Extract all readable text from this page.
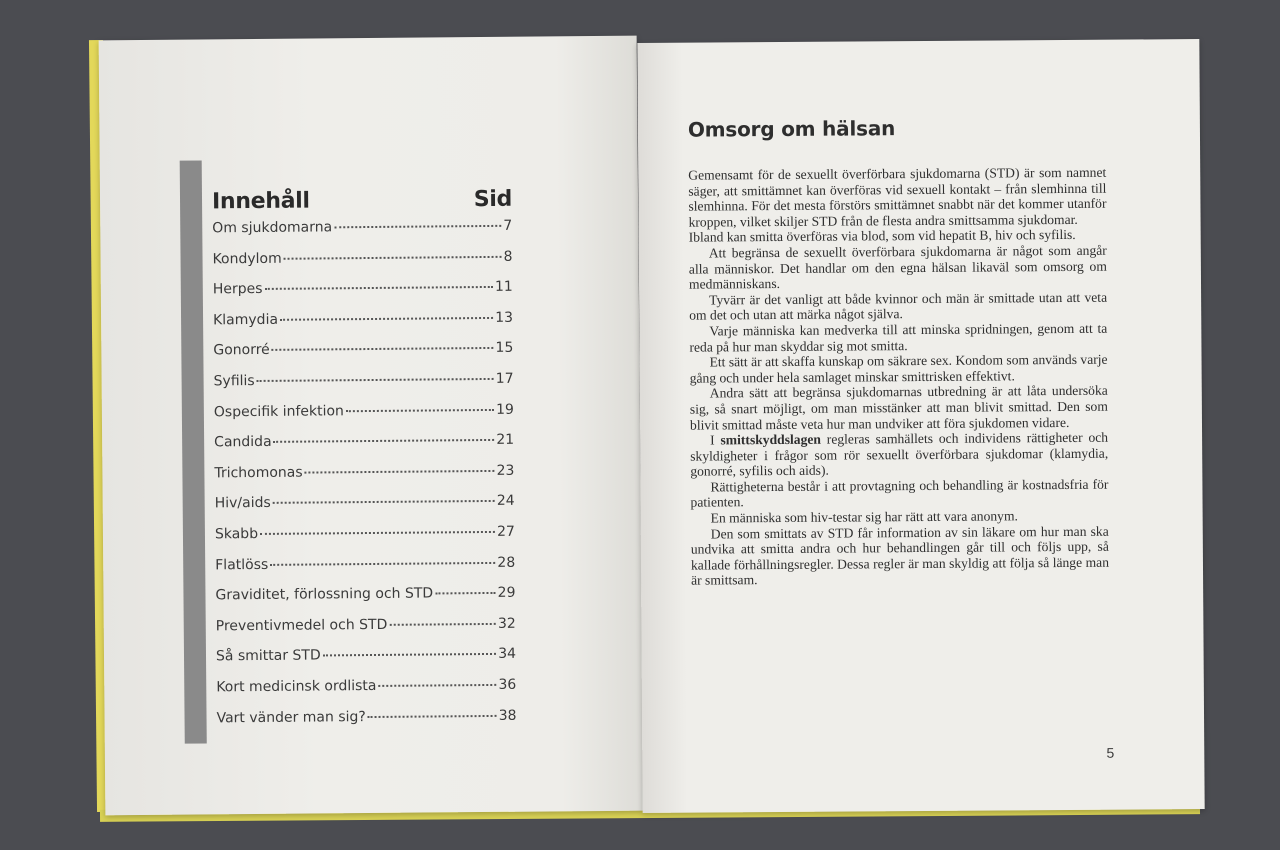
Innehåll	Sid
Om sjukdomarna	7
Kondylom	8
Herpes	11
Klamydia	13
Gonorré	15
Syfilis	17
Ospecifik infektion	19
Candida	21
Trichomonas	23
Hiv/aids	24
Skabb	27
Flatlöss	28
Graviditet, förlossning och STD	29
Preventivmedel och STD	32
Så smittar STD	34
Kort medicinsk ordlista	36
Vart vänder man sig?	38
Omsorg om hälsan

Gemensamt för de sexuellt överförbara sjukdomarna (STD) är som namnet säger, att smittämnet kan överföras vid sexuell kontakt – från slemhinna till slemhinna. För det mesta förstörs smittämnet snabbt när det kommer utanför kroppen, vilket skiljer STD från de flesta andra smittsamma sjukdomar.

Ibland kan smitta överföras via blod, som vid hepatit B, hiv och syfilis.

Att begränsa de sexuellt överförbara sjukdomarna är något som angår alla människor. Det handlar om den egna hälsan likaväl som omsorg om medmänniskans.

Tyvärr är det vanligt att både kvinnor och män är smittade utan att veta om det och utan att märka något själva.

Varje människa kan medverka till att minska spridningen, genom att ta reda på hur man skyddar sig mot smitta.

Ett sätt är att skaffa kunskap om säkrare sex. Kondom som används varje gång och under hela samlaget minskar smittrisken effektivt.

Andra sätt att begränsa sjukdomarnas utbredning är att låta undersöka sig, så snart möjligt, om man misstänker att man blivit smittad. Den som blivit smittad måste veta hur man undviker att föra sjukdomen vidare.

I smittskyddslagen regleras samhällets och individens rättigheter och skyldigheter i frågor som rör sexuellt överförbara sjukdomar (klamydia, gonorré, syfilis och aids).

Rättigheterna består i att provtagning och behandling är kostnadsfria för patienten.

En människa som hiv-testar sig har rätt att vara anonym.

Den som smittats av STD får information av sin läkare om hur man ska undvika att smitta andra och hur behandlingen går till och följs upp, så kallade förhållningsregler. Dessa regler är man skyldig att följa så länge man är smittsam.

5
